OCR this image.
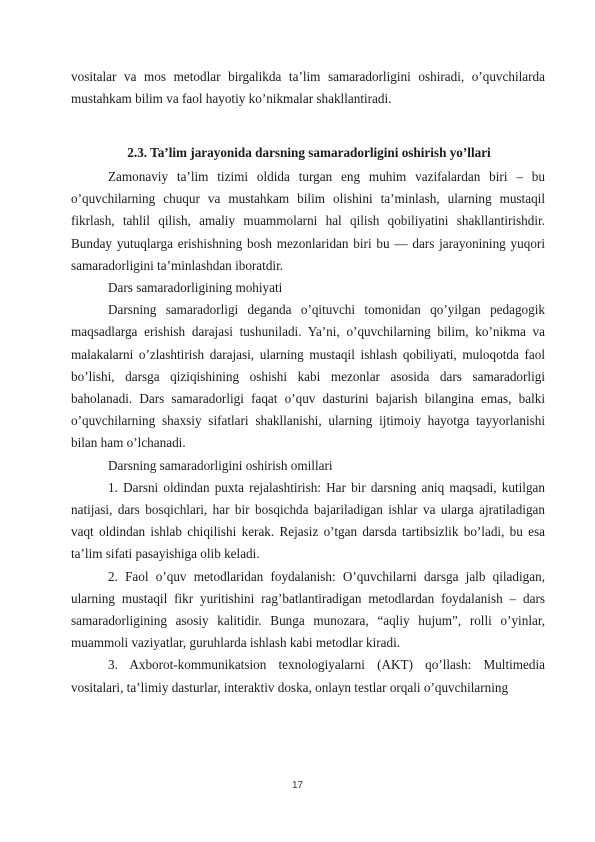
vositalar va mos metodlar birgalikda ta’lim samaradorligini oshiradi, o’quvchilarda mustahkam bilim va faol hayotiy ko’nikmalar shakllantiradi.

2.3. Ta’lim jarayonida darsning samaradorligini oshirish yo’llari

Zamonaviy ta’lim tizimi oldida turgan eng muhim vazifalardan biri – bu o’quvchilarning chuqur va mustahkam bilim olishini ta’minlash, ularning mustaqil fikrlash, tahlil qilish, amaliy muammolarni hal qilish qobiliyatini shakllantirishdir. Bunday yutuqlarga erishishning bosh mezonlaridan biri bu — dars jarayonining yuqori samaradorligini ta’minlashdan iboratdir.

Dars samaradorligining mohiyati

Darsning samaradorligi deganda o’qituvchi tomonidan qo’yilgan pedagogik maqsadlarga erishish darajasi tushuniladi. Ya’ni, o’quvchilarning bilim, ko’nikma va malakalarni o’zlashtirish darajasi, ularning mustaqil ishlash qobiliyati, muloqotda faol bo’lishi, darsga qiziqishining oshishi kabi mezonlar asosida dars samaradorligi baholanadi. Dars samaradorligi faqat o’quv dasturini bajarish bilangina emas, balki o’quvchilarning shaxsiy sifatlari shakllanishi, ularning ijtimoiy hayotga tayyorlanishi bilan ham o’lchanadi.

Darsning samaradorligini oshirish omillari

1. Darsni oldindan puxta rejalashtirish: Har bir darsning aniq maqsadi, kutilgan natijasi, dars bosqichlari, har bir bosqichda bajariladigan ishlar va ularga ajratiladigan vaqt oldindan ishlab chiqilishi kerak. Rejasiz o’tgan darsda tartibsizlik bo’ladi, bu esa ta’lim sifati pasayishiga olib keladi.

2. Faol o’quv metodlaridan foydalanish: O’quvchilarni darsga jalb qiladigan, ularning mustaqil fikr yuritishini rag’batlantiradigan metodlardan foydalanish – dars samaradorligining asosiy kalitidir. Bunga munozara, “aqliy hujum”, rolli o’yinlar, muammoli vaziyatlar, guruhlarda ishlash kabi metodlar kiradi.

3. Axborot-kommunikatsion texnologiyalarni (AKT) qo’llash: Multimedia vositalari, ta’limiy dasturlar, interaktiv doska, onlayn testlar orqali o’quvchilarning

17
